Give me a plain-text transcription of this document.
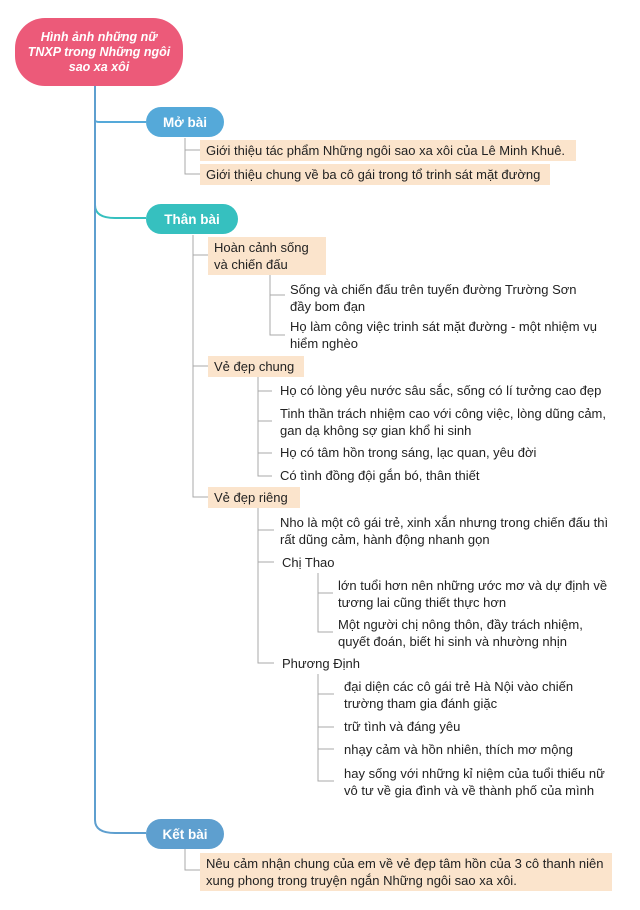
Hình ảnh những nữ TNXP trong Những ngôi sao xa xôi
Mở bài
Giới thiệu tác phẩm Những ngôi sao xa xôi của Lê Minh Khuê.
Giới thiệu chung về ba cô gái trong tổ trinh sát mặt đường
Thân bài
Hoàn cảnh sống và chiến đấu
Sống và chiến đấu trên tuyến đường Trường Sơn đầy bom đạn
Họ làm công việc trinh sát mặt đường - một nhiệm vụ hiểm nghèo
Vẻ đẹp chung
Họ có lòng yêu nước sâu sắc, sống có lí tưởng cao đẹp
Tinh thần trách nhiệm cao với công việc, lòng dũng cảm, gan dạ không sợ gian khổ hi sinh
Họ có tâm hồn trong sáng, lạc quan, yêu đời
Có tình đồng đội gắn bó, thân thiết
Vẻ đẹp riêng
Nho là một cô gái trẻ, xinh xắn nhưng trong chiến đấu thì rất dũng cảm, hành động nhanh gọn
Chị Thao
lớn tuổi hơn nên những ước mơ và dự định về tương lai cũng thiết thực hơn
Một người chị nông thôn, đầy trách nhiệm, quyết đoán, biết hi sinh và nhường nhịn
Phương Định
đại diện các cô gái trẻ Hà Nội vào chiến trường tham gia đánh giặc
trữ tình và đáng yêu
nhạy cảm và hồn nhiên, thích mơ mộng
hay sống với những kỉ niệm của tuổi thiếu nữ vô tư về gia đình và về thành phố của mình
Kết bài
Nêu cảm nhận chung của em về vẻ đẹp tâm hồn của 3 cô thanh niên xung phong trong truyện ngắn Những ngôi sao xa xôi.
